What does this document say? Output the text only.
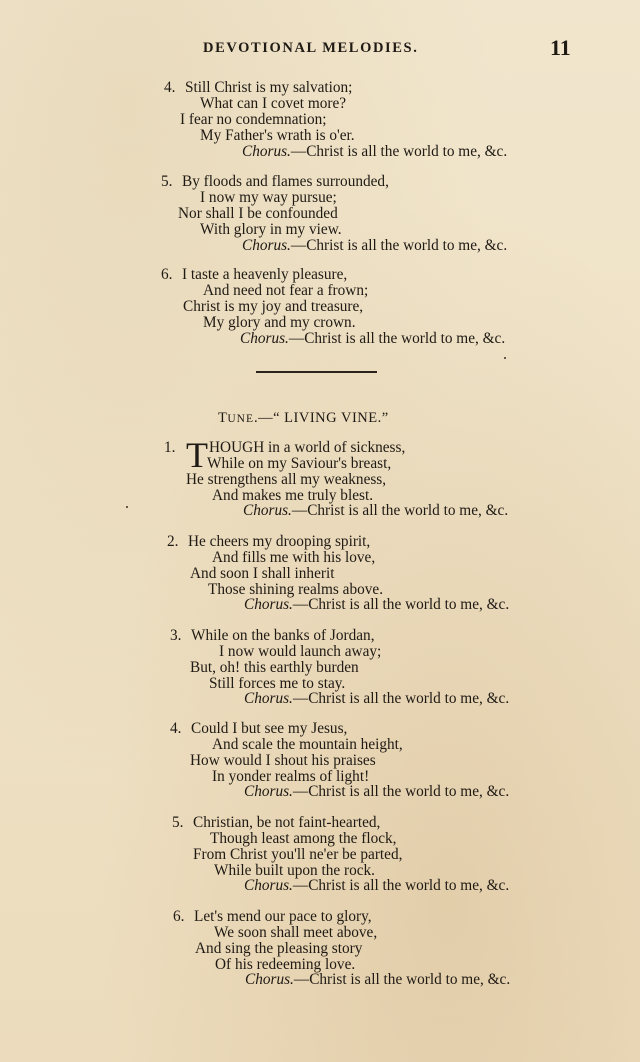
DEVOTIONAL MELODIES.	11
4. Still Christ is my salvation;
What can I covet more?
I fear no condemnation;
My Father's wrath is o'er.
Chorus.—Christ is all the world to me, &c.
5. By floods and flames surrounded,
I now my way pursue;
Nor shall I be confounded
With glory in my view.
Chorus.—Christ is all the world to me, &c.
6. I taste a heavenly pleasure,
And need not fear a frown;
Christ is my joy and treasure,
My glory and my crown.
Chorus.—Christ is all the world to me, &c.
TUNE.—“ LIVING VINE.”
1. T HOUGH in a world of sickness,
While on my Saviour's breast,
He strengthens all my weakness,
And makes me truly blest.
Chorus.—Christ is all the world to me, &c.
2. He cheers my drooping spirit,
And fills me with his love,
And soon I shall inherit
Those shining realms above.
Chorus.—Christ is all the world to me, &c.
3. While on the banks of Jordan,
I now would launch away;
But, oh! this earthly burden
Still forces me to stay.
Chorus.—Christ is all the world to me, &c.
4. Could I but see my Jesus,
And scale the mountain height,
How would I shout his praises
In yonder realms of light!
Chorus.—Christ is all the world to me, &c.
5. Christian, be not faint-hearted,
Though least among the flock,
From Christ you'll ne'er be parted,
While built upon the rock.
Chorus.—Christ is all the world to me, &c.
6. Let's mend our pace to glory,
We soon shall meet above,
And sing the pleasing story
Of his redeeming love.
Chorus.—Christ is all the world to me, &c.
